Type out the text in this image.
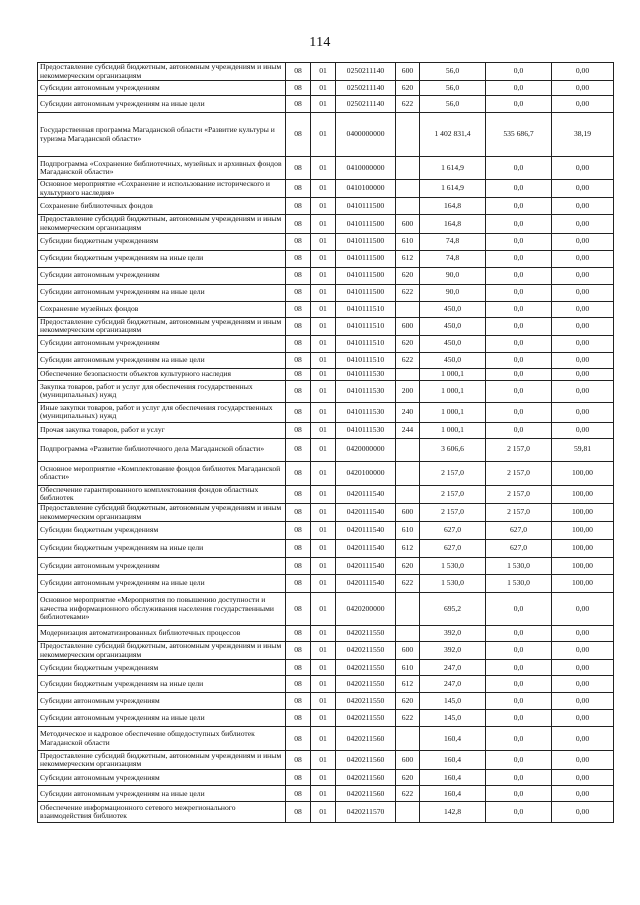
114
Предоставление субсидий бюджетным, автономным учреждениям и иным некоммерческим организациям	08	01	0250211140	600	56,0	0,0	0,00
Субсидии автономным учреждениям	08	01	0250211140	620	56,0	0,0	0,00
Субсидии автономным учреждениям на иные цели	08	01	0250211140	622	56,0	0,0	0,00
Государственная программа Магаданской области «Развитие культуры и туризма Магаданской области»	08	01	0400000000		1 402 831,4	535 686,7	38,19
Подпрограмма «Сохранение библиотечных, музейных и архивных фондов Магаданской области»	08	01	0410000000		1 614,9	0,0	0,00
Основное мероприятие «Сохранение и использование исторического и культурного наследия»	08	01	0410100000		1 614,9	0,0	0,00
Сохранение библиотечных фондов	08	01	0410111500		164,8	0,0	0,00
Предоставление субсидий бюджетным, автономным учреждениям и иным некоммерческим организациям	08	01	0410111500	600	164,8	0,0	0,00
Субсидии бюджетным учреждениям	08	01	0410111500	610	74,8	0,0	0,00
Субсидии бюджетным учреждениям на иные цели	08	01	0410111500	612	74,8	0,0	0,00
Субсидии автономным учреждениям	08	01	0410111500	620	90,0	0,0	0,00
Субсидии автономным учреждениям на иные цели	08	01	0410111500	622	90,0	0,0	0,00
Сохранение музейных фондов	08	01	0410111510		450,0	0,0	0,00
Предоставление субсидий бюджетным, автономным учреждениям и иным некоммерческим организациям	08	01	0410111510	600	450,0	0,0	0,00
Субсидии автономным учреждениям	08	01	0410111510	620	450,0	0,0	0,00
Субсидии автономным учреждениям на иные цели	08	01	0410111510	622	450,0	0,0	0,00
Обеспечение безопасности объектов культурного наследия	08	01	0410111530		1 000,1	0,0	0,00
Закупка товаров, работ и услуг для обеспечения государственных (муниципальных) нужд	08	01	0410111530	200	1 000,1	0,0	0,00
Иные закупки товаров, работ и услуг для обеспечения государственных (муниципальных) нужд	08	01	0410111530	240	1 000,1	0,0	0,00
Прочая закупка товаров, работ и услуг	08	01	0410111530	244	1 000,1	0,0	0,00
Подпрограмма «Развитие библиотечного дела Магаданской области»	08	01	0420000000		3 606,6	2 157,0	59,81
Основное мероприятие «Комплектование фондов библиотек Магаданской области»	08	01	0420100000		2 157,0	2 157,0	100,00
Обеспечение гарантированного комплектования фондов областных библиотек	08	01	0420111540		2 157,0	2 157,0	100,00
Предоставление субсидий бюджетным, автономным учреждениям и иным некоммерческим организациям	08	01	0420111540	600	2 157,0	2 157,0	100,00
Субсидии бюджетным учреждениям	08	01	0420111540	610	627,0	627,0	100,00
Субсидии бюджетным учреждениям на иные цели	08	01	0420111540	612	627,0	627,0	100,00
Субсидии автономным учреждениям	08	01	0420111540	620	1 530,0	1 530,0	100,00
Субсидии автономным учреждениям на иные цели	08	01	0420111540	622	1 530,0	1 530,0	100,00
Основное мероприятие «Мероприятия по повышению доступности и качества информационного обслуживания населения государственными библиотеками»	08	01	0420200000		695,2	0,0	0,00
Модернизация автоматизированных библиотечных процессов	08	01	0420211550		392,0	0,0	0,00
Предоставление субсидий бюджетным, автономным учреждениям и иным некоммерческим организациям	08	01	0420211550	600	392,0	0,0	0,00
Субсидии бюджетным учреждениям	08	01	0420211550	610	247,0	0,0	0,00
Субсидии бюджетным учреждениям на иные цели	08	01	0420211550	612	247,0	0,0	0,00
Субсидии автономным учреждениям	08	01	0420211550	620	145,0	0,0	0,00
Субсидии автономным учреждениям на иные цели	08	01	0420211550	622	145,0	0,0	0,00
Методическое и кадровое обеспечение общедоступных библиотек Магаданской области	08	01	0420211560		160,4	0,0	0,00
Предоставление субсидий бюджетным, автономным учреждениям и иным некоммерческим организациям	08	01	0420211560	600	160,4	0,0	0,00
Субсидии автономным учреждениям	08	01	0420211560	620	160,4	0,0	0,00
Субсидии автономным учреждениям на иные цели	08	01	0420211560	622	160,4	0,0	0,00
Обеспечение информационного сетевого межрегионального взаимодействия библиотек	08	01	0420211570		142,8	0,0	0,00
